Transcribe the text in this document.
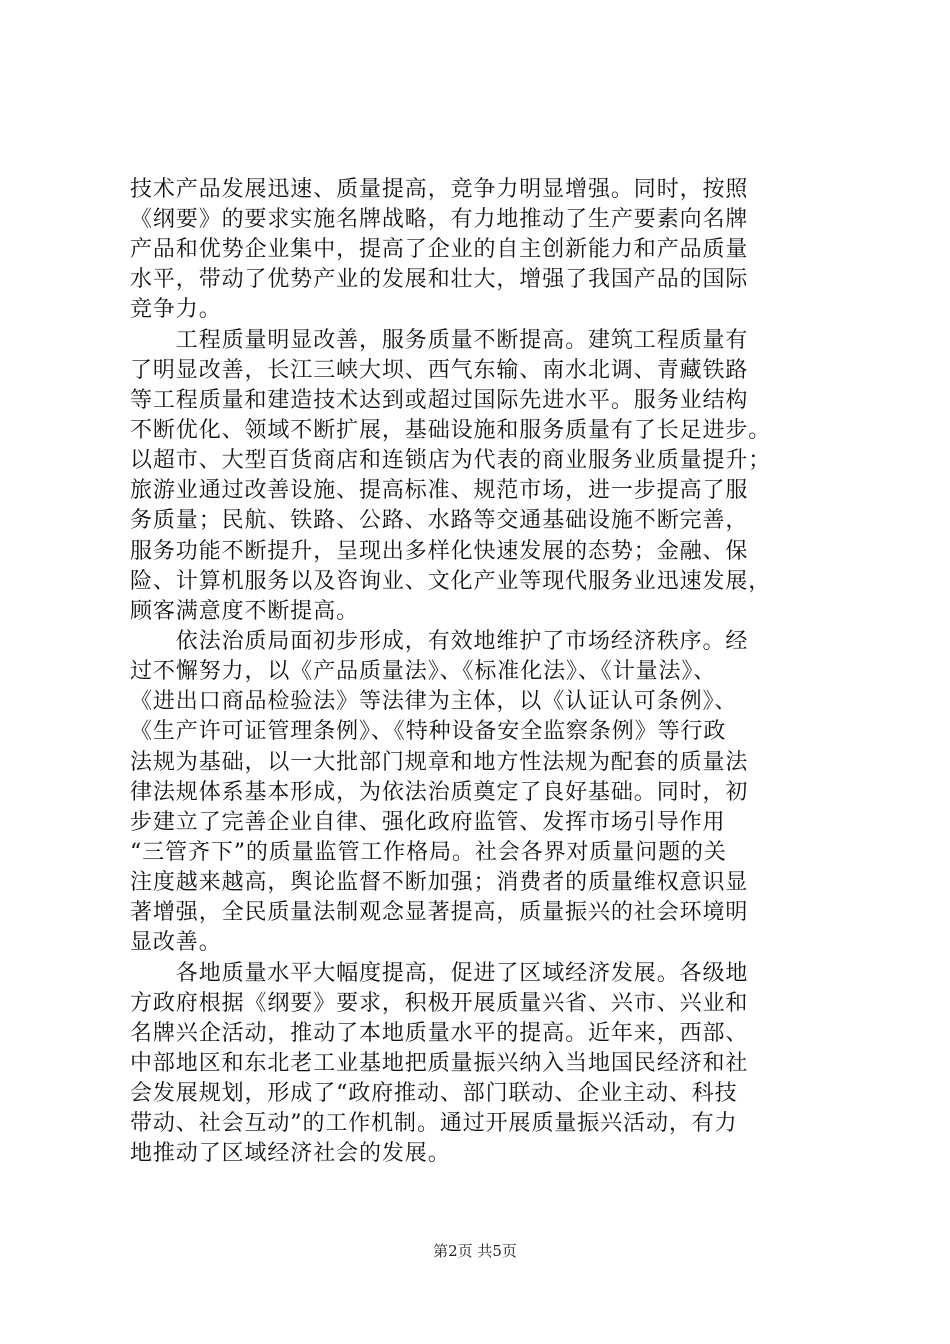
技术产品发展迅速、质量提高，竞争力明显增强。同时，按照
《纲要》的要求实施名牌战略，有力地推动了生产要素向名牌
产品和优势企业集中，提高了企业的自主创新能力和产品质量
水平，带动了优势产业的发展和壮大，增强了我国产品的国际
竞争力。
　　工程质量明显改善，服务质量不断提高。建筑工程质量有
了明显改善，长江三峡大坝、西气东输、南水北调、青藏铁路
等工程质量和建造技术达到或超过国际先进水平。服务业结构
不断优化、领域不断扩展，基础设施和服务质量有了长足进步。
以超市、大型百货商店和连锁店为代表的商业服务业质量提升；
旅游业通过改善设施、提高标准、规范市场，进一步提高了服
务质量；民航、铁路、公路、水路等交通基础设施不断完善，
服务功能不断提升，呈现出多样化快速发展的态势；金融、保
险、计算机服务以及咨询业、文化产业等现代服务业迅速发展，
顾客满意度不断提高。
　　依法治质局面初步形成，有效地维护了市场经济秩序。经
过不懈努力，以《产品质量法》、《标准化法》、《计量法》、
《进出口商品检验法》等法律为主体，以《认证认可条例》、
《生产许可证管理条例》、《特种设备安全监察条例》等行政
法规为基础，以一大批部门规章和地方性法规为配套的质量法
律法规体系基本形成，为依法治质奠定了良好基础。同时，初
步建立了完善企业自律、强化政府监管、发挥市场引导作用
“三管齐下”的质量监管工作格局。社会各界对质量问题的关
注度越来越高，舆论监督不断加强；消费者的质量维权意识显
著增强，全民质量法制观念显著提高，质量振兴的社会环境明
显改善。
　　各地质量水平大幅度提高，促进了区域经济发展。各级地
方政府根据《纲要》要求，积极开展质量兴省、兴市、兴业和
名牌兴企活动，推动了本地质量水平的提高。近年来，西部、
中部地区和东北老工业基地把质量振兴纳入当地国民经济和社
会发展规划，形成了“政府推动、部门联动、企业主动、科技
带动、社会互动”的工作机制。通过开展质量振兴活动，有力
地推动了区域经济社会的发展。
第2页 共5页
